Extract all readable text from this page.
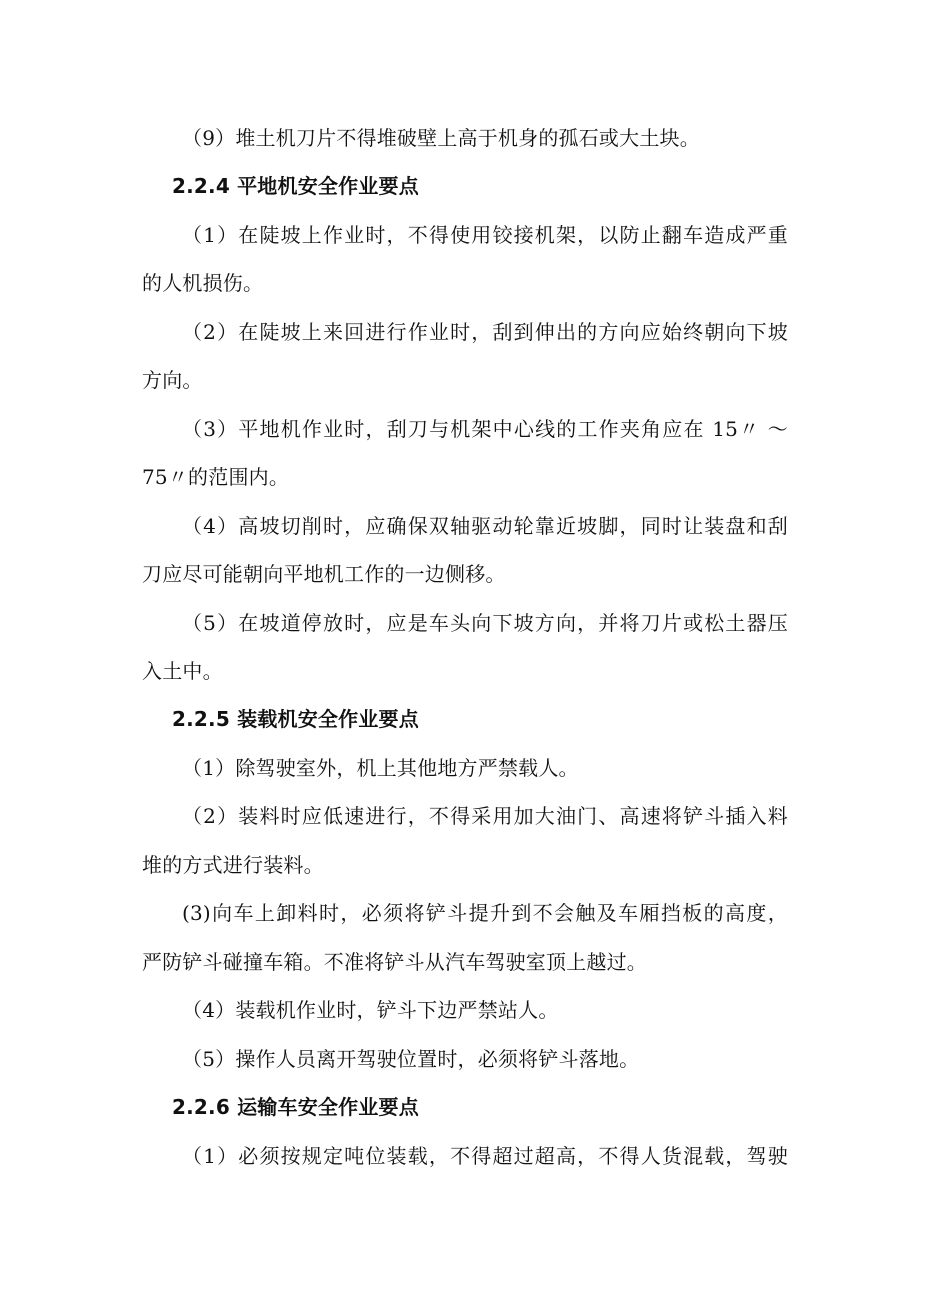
（9）堆土机刀片不得堆破壁上高于机身的孤石或大土块。
2.2.4 平地机安全作业要点
（1）在陡坡上作业时，不得使用铰接机架，以防止翻车造成严重
的人机损伤。
（2）在陡坡上来回进行作业时，刮到伸出的方向应始终朝向下坡
方向。
（3）平地机作业时，刮刀与机架中心线的工作夹角应在 15〃 ～
75〃的范围内。
（4）高坡切削时，应确保双轴驱动轮靠近坡脚，同时让装盘和刮
刀应尽可能朝向平地机工作的一边侧移。
（5）在坡道停放时，应是车头向下坡方向，并将刀片或松土器压
入土中。
2.2.5 装载机安全作业要点
（1）除驾驶室外，机上其他地方严禁载人。
（2）装料时应低速进行，不得采用加大油门、高速将铲斗插入料
堆的方式进行装料。
(3)向车上卸料时，必须将铲斗提升到不会触及车厢挡板的高度，
严防铲斗碰撞车箱。不准将铲斗从汽车驾驶室顶上越过。
（4）装载机作业时，铲斗下边严禁站人。
（5）操作人员离开驾驶位置时，必须将铲斗落地。
2.2.6 运输车安全作业要点
（1）必须按规定吨位装载，不得超过超高，不得人货混载，驾驶
